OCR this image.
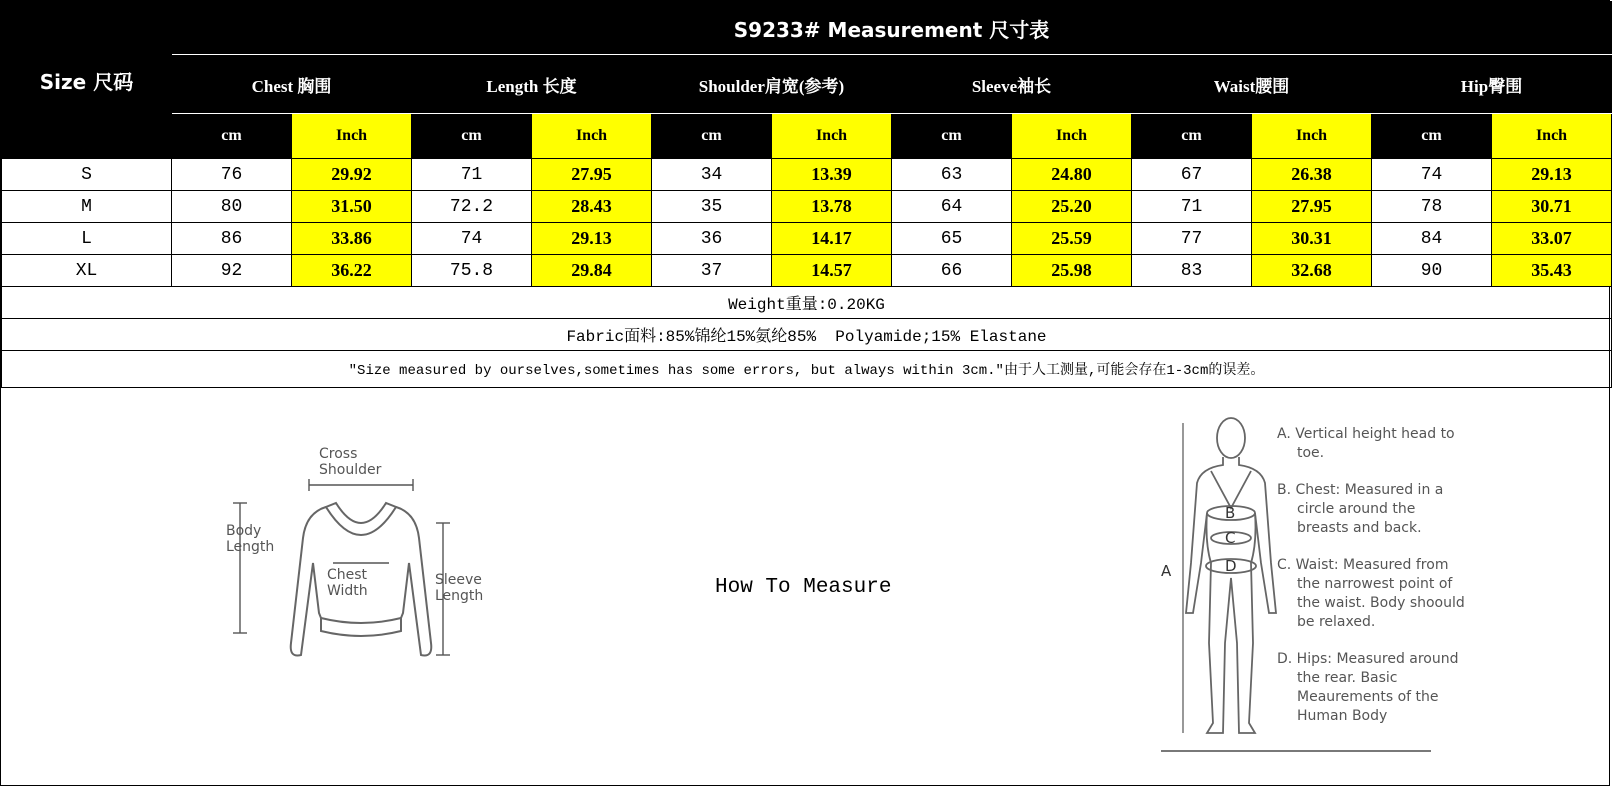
Size 尺码	S9233# Measurement 尺寸表											
	Chest 胸围		Length 长度		Shoulder肩宽(参考)		Sleeve袖长		Waist腰围		Hip臀围	
	cm	Inch	cm	Inch	cm	Inch	cm	Inch	cm	Inch	cm	Inch
S	76	29.92	71	27.95	34	13.39	63	24.80	67	26.38	74	29.13
M	80	31.50	72.2	28.43	35	13.78	64	25.20	71	27.95	78	30.71
L	86	33.86	74	29.13	36	14.17	65	25.59	77	30.31	84	33.07
XL	92	36.22	75.8	29.84	37	14.57	66	25.98	83	32.68	90	35.43
Weight重量:0.20KG												
Fabric面料:85%锦纶15%氨纶85%  Polyamide;15% Elastane												
"Size measured by ourselves,sometimes has some errors, but always within 3cm."由于人工测量,可能会存在1-3cm的误差。												
Cross
Shoulder
Body
Length
Chest
Width
Sleeve
Length	How To Measure
B
C
D
A

A. Vertical height head to toe.

B. Chest: Measured in a circle around the breasts and back.

C. Waist: Measured from the narrowest point of the waist. Body shoould be relaxed.

D. Hips: Measured around the rear. Basic Meaurements of the Human Body
